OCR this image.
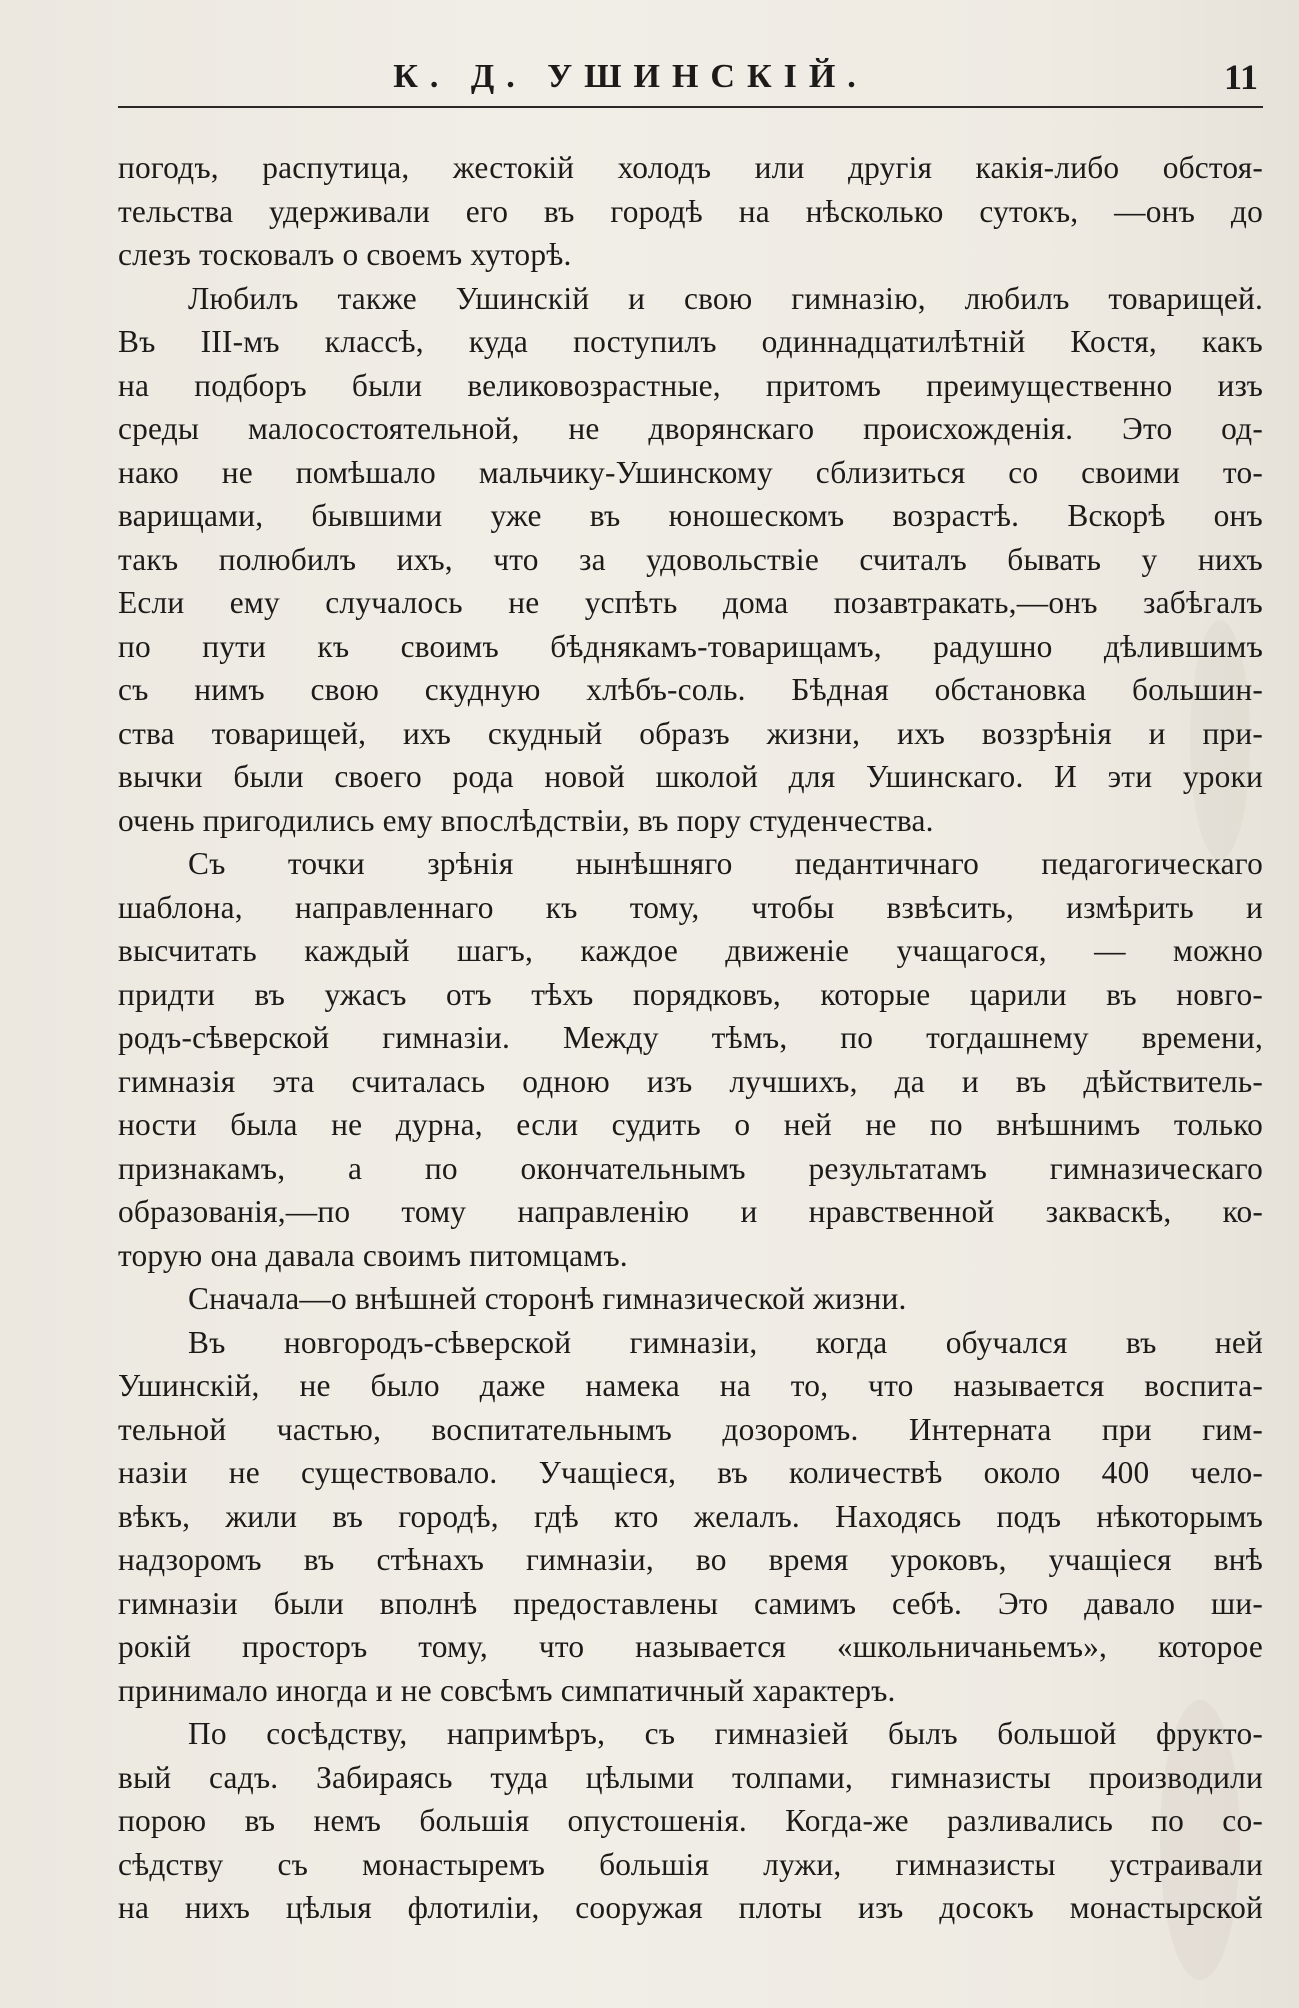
К. Д. УШИНСКІЙ.	11
погодъ, распутица, жестокій холодъ или другія какія-либо обстоя-
тельства удерживали его въ городѣ на нѣсколько сутокъ, —онъ до
слезъ тосковалъ о своемъ хуторѣ.
Любилъ также Ушинскій и свою гимназію, любилъ товарищей.
Въ III-мъ классѣ, куда поступилъ одиннадцатилѣтній Костя, какъ
на подборъ были великовозрастные, притомъ преимущественно изъ
среды малосостоятельной, не дворянскаго происхожденія. Это од-
нако не помѣшало мальчику-Ушинскому сблизиться со своими то-
варищами, бывшими уже въ юношескомъ возрастѣ. Вскорѣ онъ
такъ полюбилъ ихъ, что за удовольствіе считалъ бывать у нихъ
Если ему случалось не успѣть дома позавтракать,—онъ забѣгалъ
по пути къ своимъ бѣднякамъ-товарищамъ, радушно дѣлившимъ
съ нимъ свою скудную хлѣбъ-соль. Бѣдная обстановка большин-
ства товарищей, ихъ скудный образъ жизни, ихъ воззрѣнія и при-
вычки были своего рода новой школой для Ушинскаго. И эти уроки
очень пригодились ему впослѣдствіи, въ пору студенчества.
Съ точки зрѣнія нынѣшняго педантичнаго педагогическаго
шаблона, направленнаго къ тому, чтобы взвѣсить, измѣрить и
высчитать каждый шагъ, каждое движеніе учащагося, — можно
придти въ ужасъ отъ тѣхъ порядковъ, которые царили въ новго-
родъ-сѣверской гимназіи. Между тѣмъ, по тогдашнему времени,
гимназія эта считалась одною изъ лучшихъ, да и въ дѣйствитель-
ности была не дурна, если судить о ней не по внѣшнимъ только
признакамъ, а по окончательнымъ результатамъ гимназическаго
образованія,—по тому направленію и нравственной закваскѣ, ко-
торую она давала своимъ питомцамъ.
Сначала—о внѣшней сторонѣ гимназической жизни.
Въ новгородъ-сѣверской гимназіи, когда обучался въ ней
Ушинскій, не было даже намека на то, что называется воспита-
тельной частью, воспитательнымъ дозоромъ. Интерната при гим-
назіи не существовало. Учащіеся, въ количествѣ около 400 чело-
вѣкъ, жили въ городѣ, гдѣ кто желалъ. Находясь подъ нѣкоторымъ
надзоромъ въ стѣнахъ гимназіи, во время уроковъ, учащіеся внѣ
гимназіи были вполнѣ предоставлены самимъ себѣ. Это давало ши-
рокій просторъ тому, что называется «школьничаньемъ», которое
принимало иногда и не совсѣмъ симпатичный характеръ.
По сосѣдству, напримѣръ, съ гимназіей былъ большой фрукто-
вый садъ. Забираясь туда цѣлыми толпами, гимназисты производили
порою въ немъ большія опустошенія. Когда-же разливались по со-
сѣдству съ монастыремъ большія лужи, гимназисты устраивали
на нихъ цѣлыя флотиліи, сооружая плоты изъ досокъ монастырской
